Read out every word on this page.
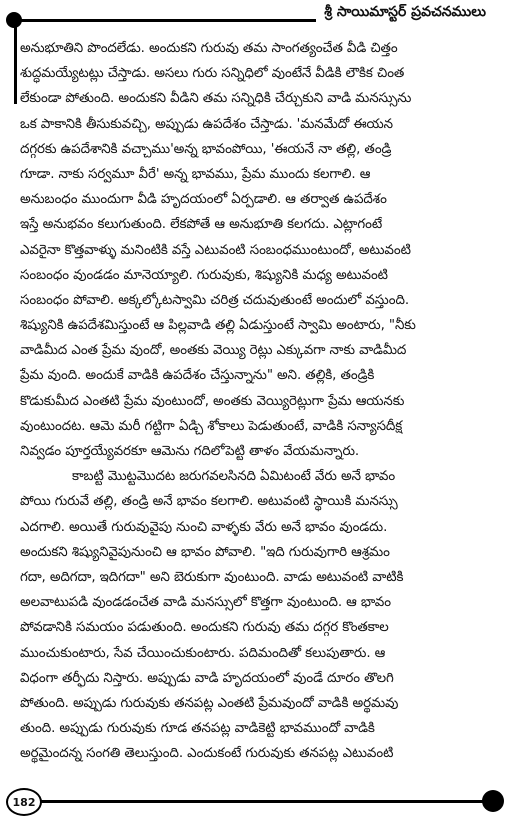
శ్రీ సాయిమాస్టర్ ప్రవచనములు
అనుభూతిని పొందలేడు. అందుకని గురువు తమ సాంగత్యంచేత వీడి చిత్తం
శుద్ధమయ్యేటట్లు చేస్తాడు. అసలు గురు సన్నిధిలో వుంటేనే వీడికి లౌకిక చింత
లేకుండా పోతుంది. అందుకని వీడిని తమ సన్నిధికి చేర్చుకుని వాడి మనస్సును
ఒక పాకానికి తీసుకువచ్చి, అప్పుడు ఉపదేశం చేస్తాడు. 'మనమేదో ఈయన
దగ్గరకు ఉపదేశానికి వచ్చాము'అన్న భావంపోయి, 'ఈయనే నా తల్లి, తండ్రి
గూడా. నాకు సర్వమూ వీరే' అన్న భావము, ప్రేమ ముందు కలగాలి. ఆ
అనుబంధం ముందుగా వీడి హృదయంలో ఏర్పడాలి. ఆ తర్వాత ఉపదేశం
ఇస్తే అనుభవం కలుగుతుంది. లేకపోతే ఆ అనుభూతి కలగదు. ఎట్లాగంటే
ఎవరైనా కొత్తవాళ్ళు మనింటికి వస్తే ఎటువంటి సంబంధముంటుందో, అటువంటి
సంబంధం వుండడం మానెయ్యాలి. గురువుకు, శిష్యునికి మధ్య అటువంటి
సంబంధం పోవాలి. అక్కల్కోటస్వామి చరిత్ర చదువుతుంటే అందులో వస్తుంది.
శిష్యునికి ఉపదేశమిస్తుంటే ఆ పిల్లవాడి తల్లి ఏడుస్తుంటే స్వామి అంటారు, "నీకు
వాడిమీద ఎంత ప్రేమ వుందో, అంతకు వెయ్యి రెట్లు ఎక్కువగా నాకు వాడిమీద
ప్రేమ వుంది. అందుకే వాడికి ఉపదేశం చేస్తున్నాను" అని. తల్లికి, తండ్రికి
కొడుకుమీద ఎంతటి ప్రేమ వుంటుందో, అంతకు వెయ్యిరెట్లుగా ప్రేమ ఆయనకు
వుంటుందట. ఆమె మరీ గట్టిగా ఏడ్చి శోకాలు పెడుతుంటే, వాడికి సన్యాసదీక్ష
నివ్వడం పూర్తయ్యేవరకూ ఆమెను గదిలోపెట్టి తాళం వేయమన్నారు.
కాబట్టి మొట్టమొదట జరుగవలసినది ఏమిటంటే వేరు అనే భావం
పోయి గురువే తల్లి, తండ్రి అనే భావం కలగాలి. అటువంటి స్థాయికి మనస్సు
ఎదగాలి. అయితే గురువువైపు నుంచి వాళ్ళకు వేరు అనే భావం వుండదు.
అందుకని శిష్యునివైపునుంచి ఆ భావం పోవాలి. "ఇది గురువుగారి ఆశ్రమం
గదా, అదిగదా, ఇదిగదా" అని బెరుకుగా వుంటుంది. వాడు అటువంటి వాటికి
అలవాటుపడి వుండడంచేత వాడి మనస్సులో కొత్తగా వుంటుంది. ఆ భావం
పోవడానికి సమయం పడుతుంది. అందుకని గురువు తమ దగ్గర కొంతకాల
ముంచుకుంటారు, సేవ చేయించుకుంటారు. పదిమందితో కలుపుతారు. ఆ
విధంగా తర్ఫీదు నిస్తారు. అప్పుడు వాడి హృదయంలో వుండే దూరం తొలగి
పోతుంది. అప్పుడు గురువుకు తనపట్ల ఎంతటి ప్రేమవుందో వాడికి అర్థమవు
తుంది. అప్పుడు గురువుకు గూడ తనపట్ల వాడికెట్టి భావముందో వాడికి
అర్థమైందన్న సంగతి తెలుస్తుంది. ఎందుకంటే గురువుకు తనపట్ల ఎటువంటి
182
